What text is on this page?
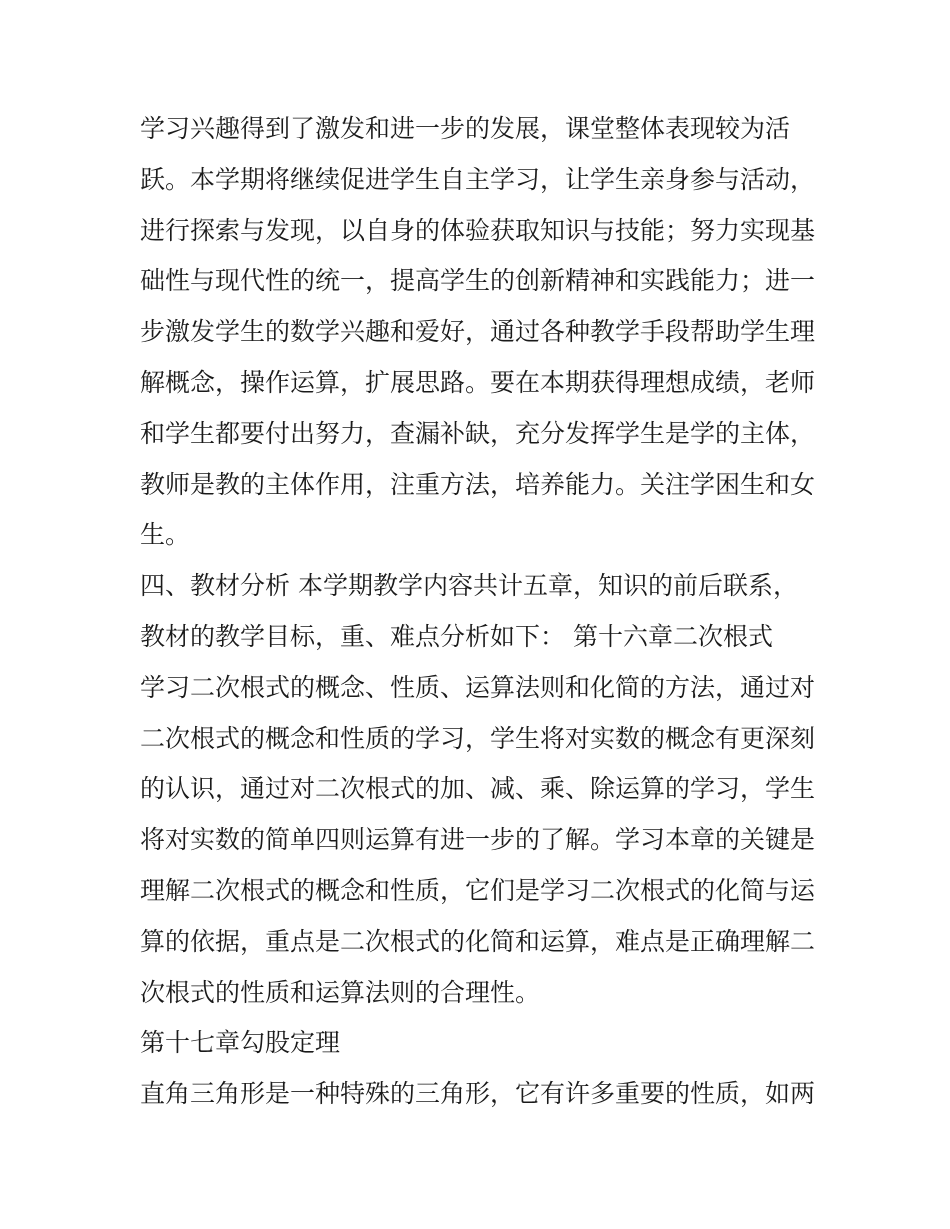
学习兴趣得到了激发和进一步的发展，课堂整体表现较为活
跃。本学期将继续促进学生自主学习，让学生亲身参与活动，
进行探索与发现，以自身的体验获取知识与技能；努力实现基
础性与现代性的统一，提高学生的创新精神和实践能力；进一
步激发学生的数学兴趣和爱好，通过各种教学手段帮助学生理
解概念，操作运算，扩展思路。要在本期获得理想成绩，老师
和学生都要付出努力，查漏补缺，充分发挥学生是学的主体，
教师是教的主体作用，注重方法，培养能力。关注学困生和女
生。
四、教材分析 本学期教学内容共计五章，知识的前后联系，
教材的教学目标，重、难点分析如下： 第十六章二次根式
学习二次根式的概念、性质、运算法则和化简的方法，通过对
二次根式的概念和性质的学习，学生将对实数的概念有更深刻
的认识，通过对二次根式的加、减、乘、除运算的学习，学生
将对实数的简单四则运算有进一步的了解。学习本章的关键是
理解二次根式的概念和性质，它们是学习二次根式的化简与运
算的依据，重点是二次根式的化简和运算，难点是正确理解二
次根式的性质和运算法则的合理性。
第十七章勾股定理
直角三角形是一种特殊的三角形，它有许多重要的性质，如两
